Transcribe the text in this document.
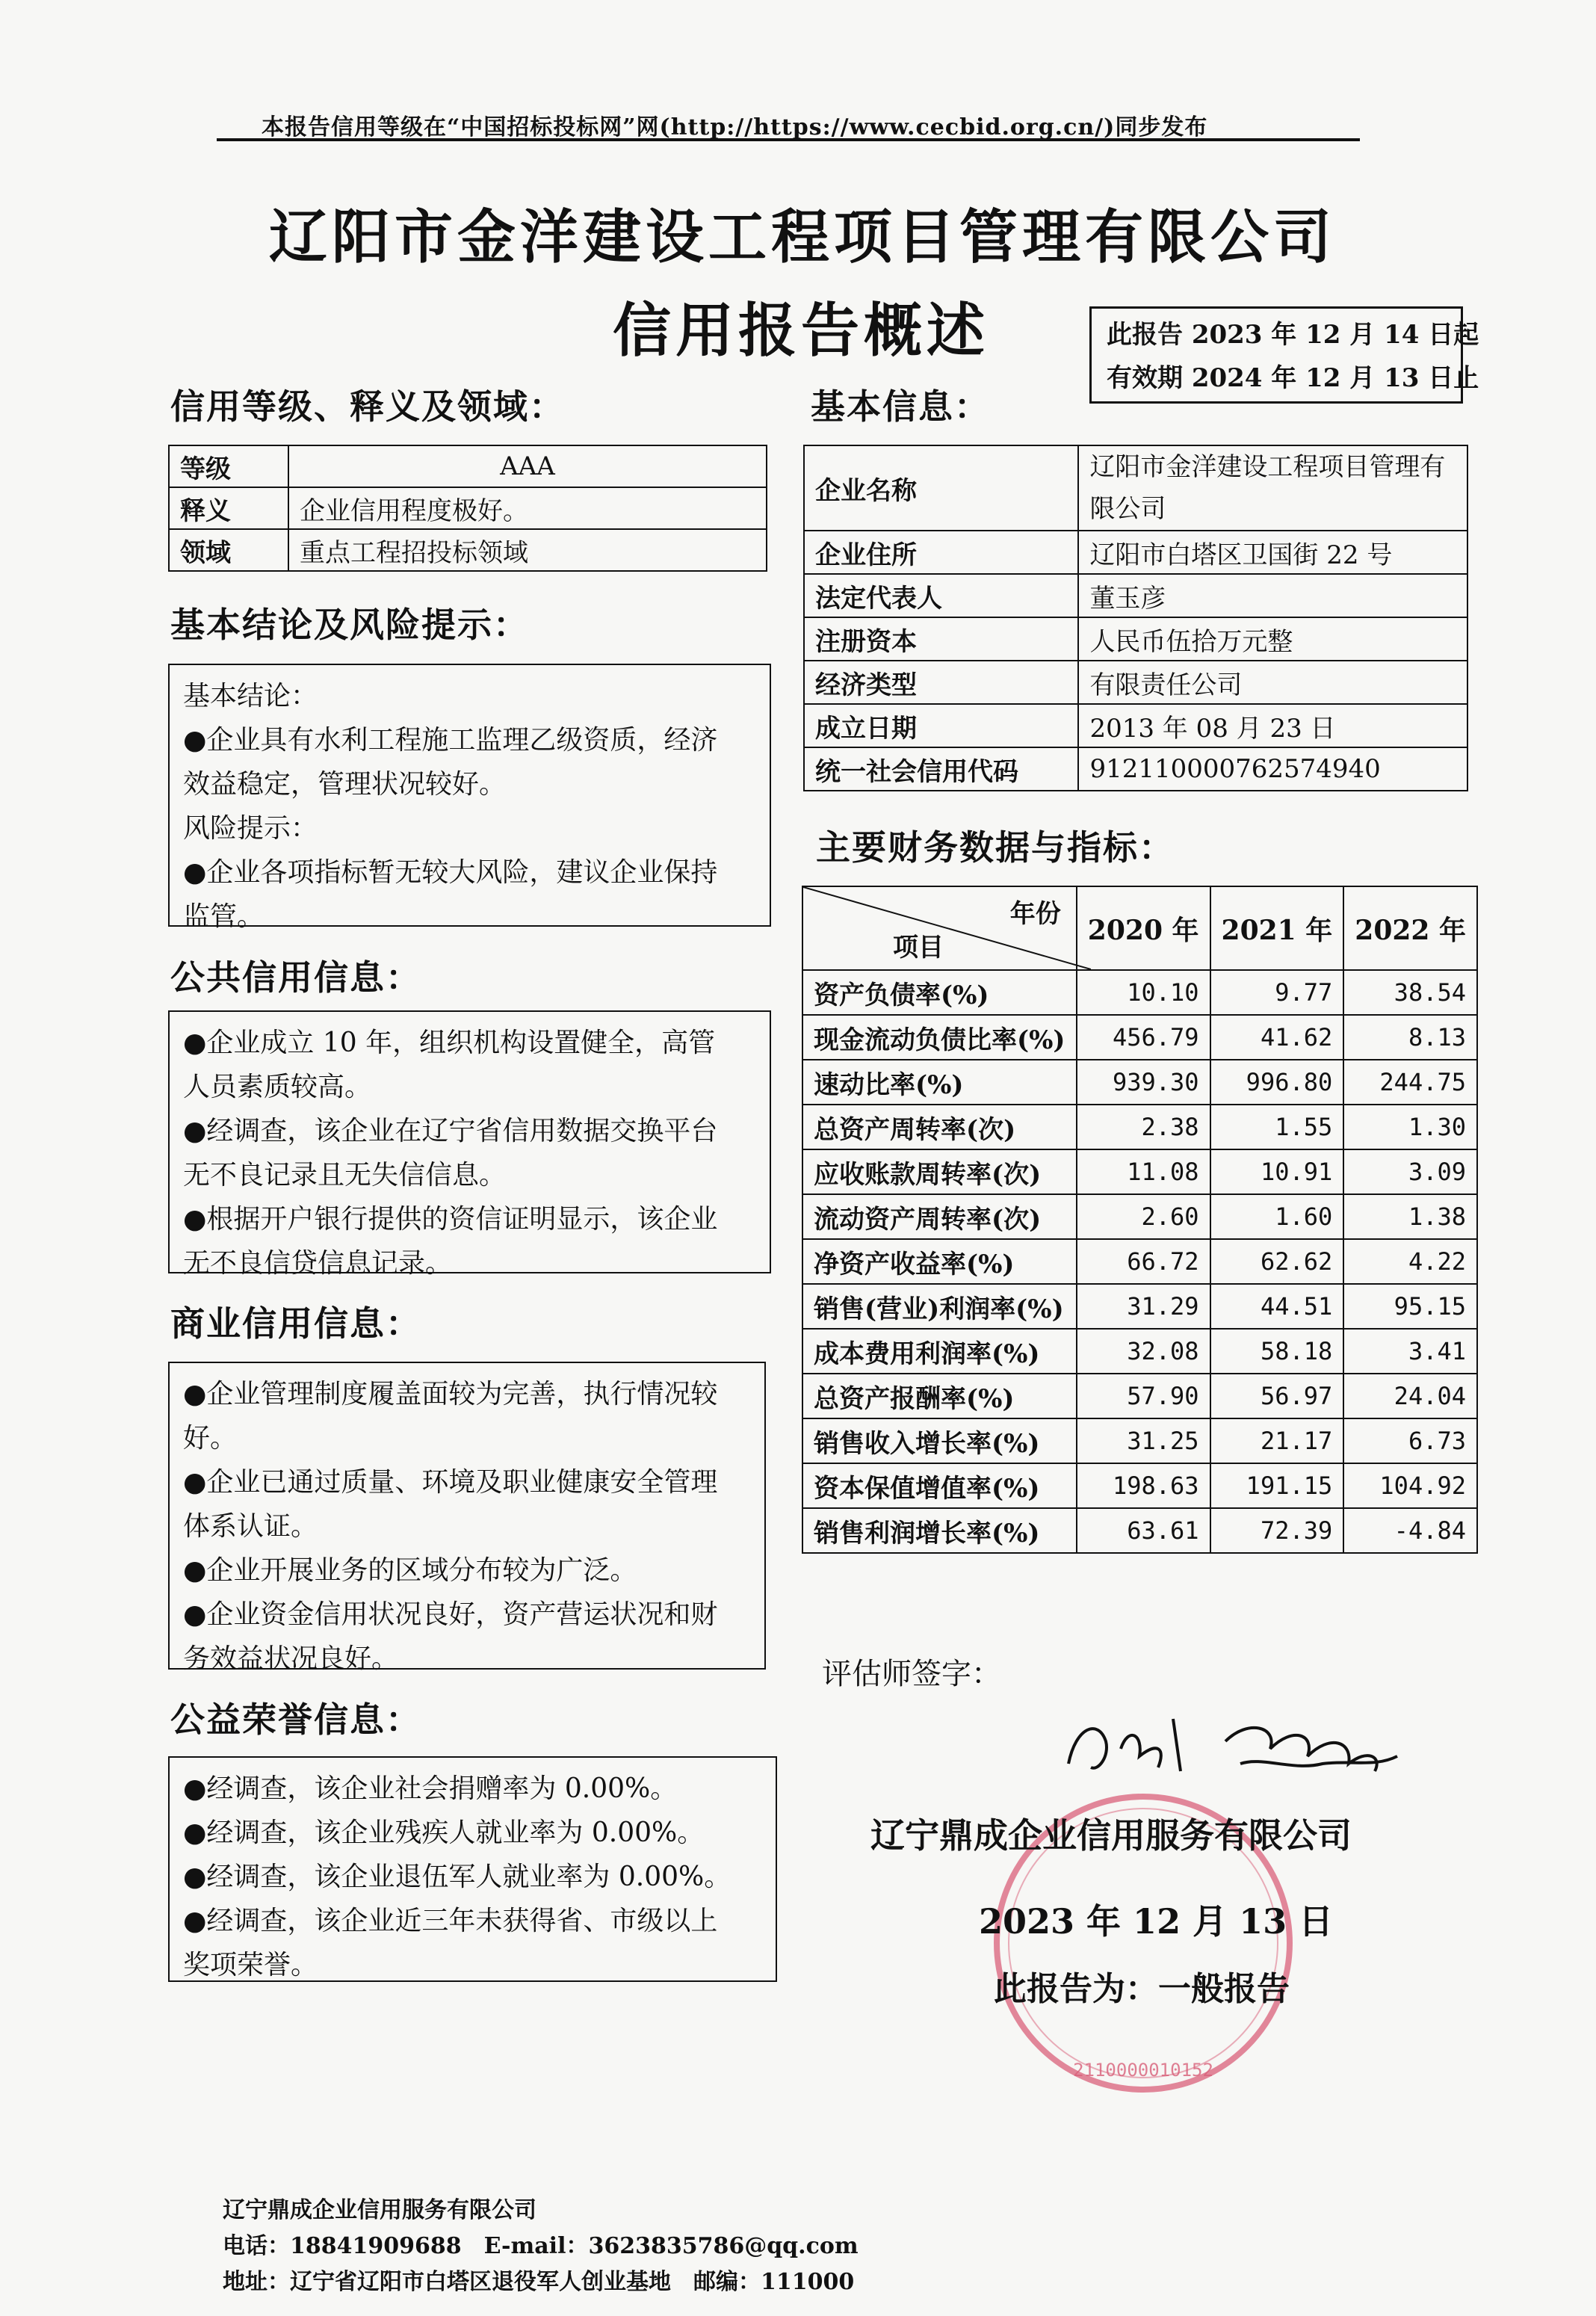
本报告信用等级在“中国招标投标网”网(http://https://www.cecbid.org.cn/)同步发布
辽阳市金洋建设工程项目管理有限公司
信用报告概述	此报告 2023 年 12 月 14 日起
有效期 2024 年 12 月 13 日止
信用等级、释义及领域：
等级	AAA
释义	企业信用程度极好。
领域	重点工程招投标领域
基本信息：
企业名称	辽阳市金洋建设工程项目管理有限公司
企业住所	辽阳市白塔区卫国街 22 号
法定代表人	董玉彦
注册资本	人民币伍拾万元整
经济类型	有限责任公司
成立日期	2013 年 08 月 23 日
统一社会信用代码	912110000762574940
基本结论及风险提示：
基本结论：
●企业具有水利工程施工监理乙级资质，经济
效益稳定，管理状况较好。
风险提示：
●企业各项指标暂无较大风险，建议企业保持
监管。
公共信用信息：
●企业成立 10 年，组织机构设置健全，高管
人员素质较高。
●经调查，该企业在辽宁省信用数据交换平台
无不良记录且无失信信息。
●根据开户银行提供的资信证明显示，该企业
无不良信贷信息记录。
商业信用信息：
●企业管理制度履盖面较为完善，执行情况较
好。
●企业已通过质量、环境及职业健康安全管理
体系认证。
●企业开展业务的区域分布较为广泛。
●企业资金信用状况良好，资产营运状况和财
务效益状况良好。
公益荣誉信息：
●经调查，该企业社会捐赠率为 0.00%。
●经调查，该企业残疾人就业率为 0.00%。
●经调查，该企业退伍军人就业率为 0.00%。
●经调查，该企业近三年未获得省、市级以上
奖项荣誉。
主要财务数据与指标：
年份
项目	2020 年	2021 年	2022 年
资产负债率(%)	10.10	9.77	38.54
现金流动负债比率(%)	456.79	41.62	8.13
速动比率(%)	939.30	996.80	244.75
总资产周转率(次)	2.38	1.55	1.30
应收账款周转率(次)	11.08	10.91	3.09
流动资产周转率(次)	2.60	1.60	1.38
净资产收益率(%)	66.72	62.62	4.22
销售(营业)利润率(%)	31.29	44.51	95.15
成本费用利润率(%)	32.08	58.18	3.41
总资产报酬率(%)	57.90	56.97	24.04
销售收入增长率(%)	31.25	21.17	6.73
资本保值增值率(%)	198.63	191.15	104.92
销售利润增长率(%)	63.61	72.39	-4.84
评估师签字：
2110000010152
辽宁鼎成企业信用服务有限公司
2023 年 12 月 13 日
此报告为：一般报告
辽宁鼎成企业信用服务有限公司
电话：18841909688　E-mail：3623835786@qq.com
地址：辽宁省辽阳市白塔区退役军人创业基地　邮编：111000
